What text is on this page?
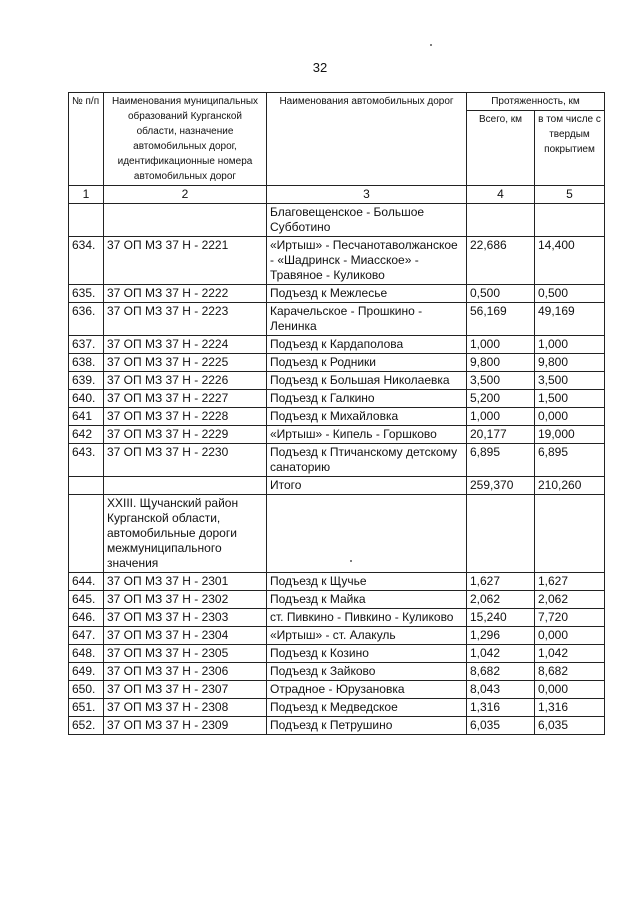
32
№ п/п	Наименования муниципальных образований Курганской области, назначение автомобильных дорог, идентификационные номера автомобильных дорог	Наименования автомобильных дорог	Протяженность, км	
			Всего, км	в том числе с твердым покрытием
1	2	3	4	5
		Благовещенское - Большое Субботино		
634.	37 ОП МЗ 37 Н - 2221	«Иртыш» - Песчанотаволжанское - «Шадринск - Миасское» - Травяное - Куликово	22,686	14,400
635.	37 ОП МЗ 37 Н - 2222	Подъезд к Межлесье	0,500	0,500
636.	37 ОП МЗ 37 Н - 2223	Карачельское - Прошкино - Ленинка	56,169	49,169
637.	37 ОП МЗ 37 Н - 2224	Подъезд к Кардаполова	1,000	1,000
638.	37 ОП МЗ 37 Н - 2225	Подъезд к Родники	9,800	9,800
639.	37 ОП МЗ 37 Н - 2226	Подъезд к Большая Николаевка	3,500	3,500
640.	37 ОП МЗ 37 Н - 2227	Подъезд к Галкино	5,200	1,500
641	37 ОП МЗ 37 Н - 2228	Подъезд к Михайловка	1,000	0,000
642	37 ОП МЗ 37 Н - 2229	«Иртыш» - Кипель - Горшково	20,177	19,000
643.	37 ОП МЗ 37 Н - 2230	Подъезд к Птичанскому детскому санаторию	6,895	6,895
		Итого	259,370	210,260
	XXIII. Щучанский район Курганской области, автомобильные дороги межмуниципального значения			
644.	37 ОП МЗ 37 Н - 2301	Подъезд к Щучье	1,627	1,627
645.	37 ОП МЗ 37 Н - 2302	Подъезд к Майка	2,062	2,062
646.	37 ОП МЗ 37 Н - 2303	ст. Пивкино - Пивкино - Куликово	15,240	7,720
647.	37 ОП МЗ 37 Н - 2304	«Иртыш» - ст. Алакуль	1,296	0,000
648.	37 ОП МЗ 37 Н - 2305	Подъезд к Козино	1,042	1,042
649.	37 ОП МЗ 37 Н - 2306	Подъезд к Зайково	8,682	8,682
650.	37 ОП МЗ 37 Н - 2307	Отрадное - Юрузановка	8,043	0,000
651.	37 ОП МЗ 37 Н - 2308	Подъезд к Медведское	1,316	1,316
652.	37 ОП МЗ 37 Н - 2309	Подъезд к Петрушино	6,035	6,035
